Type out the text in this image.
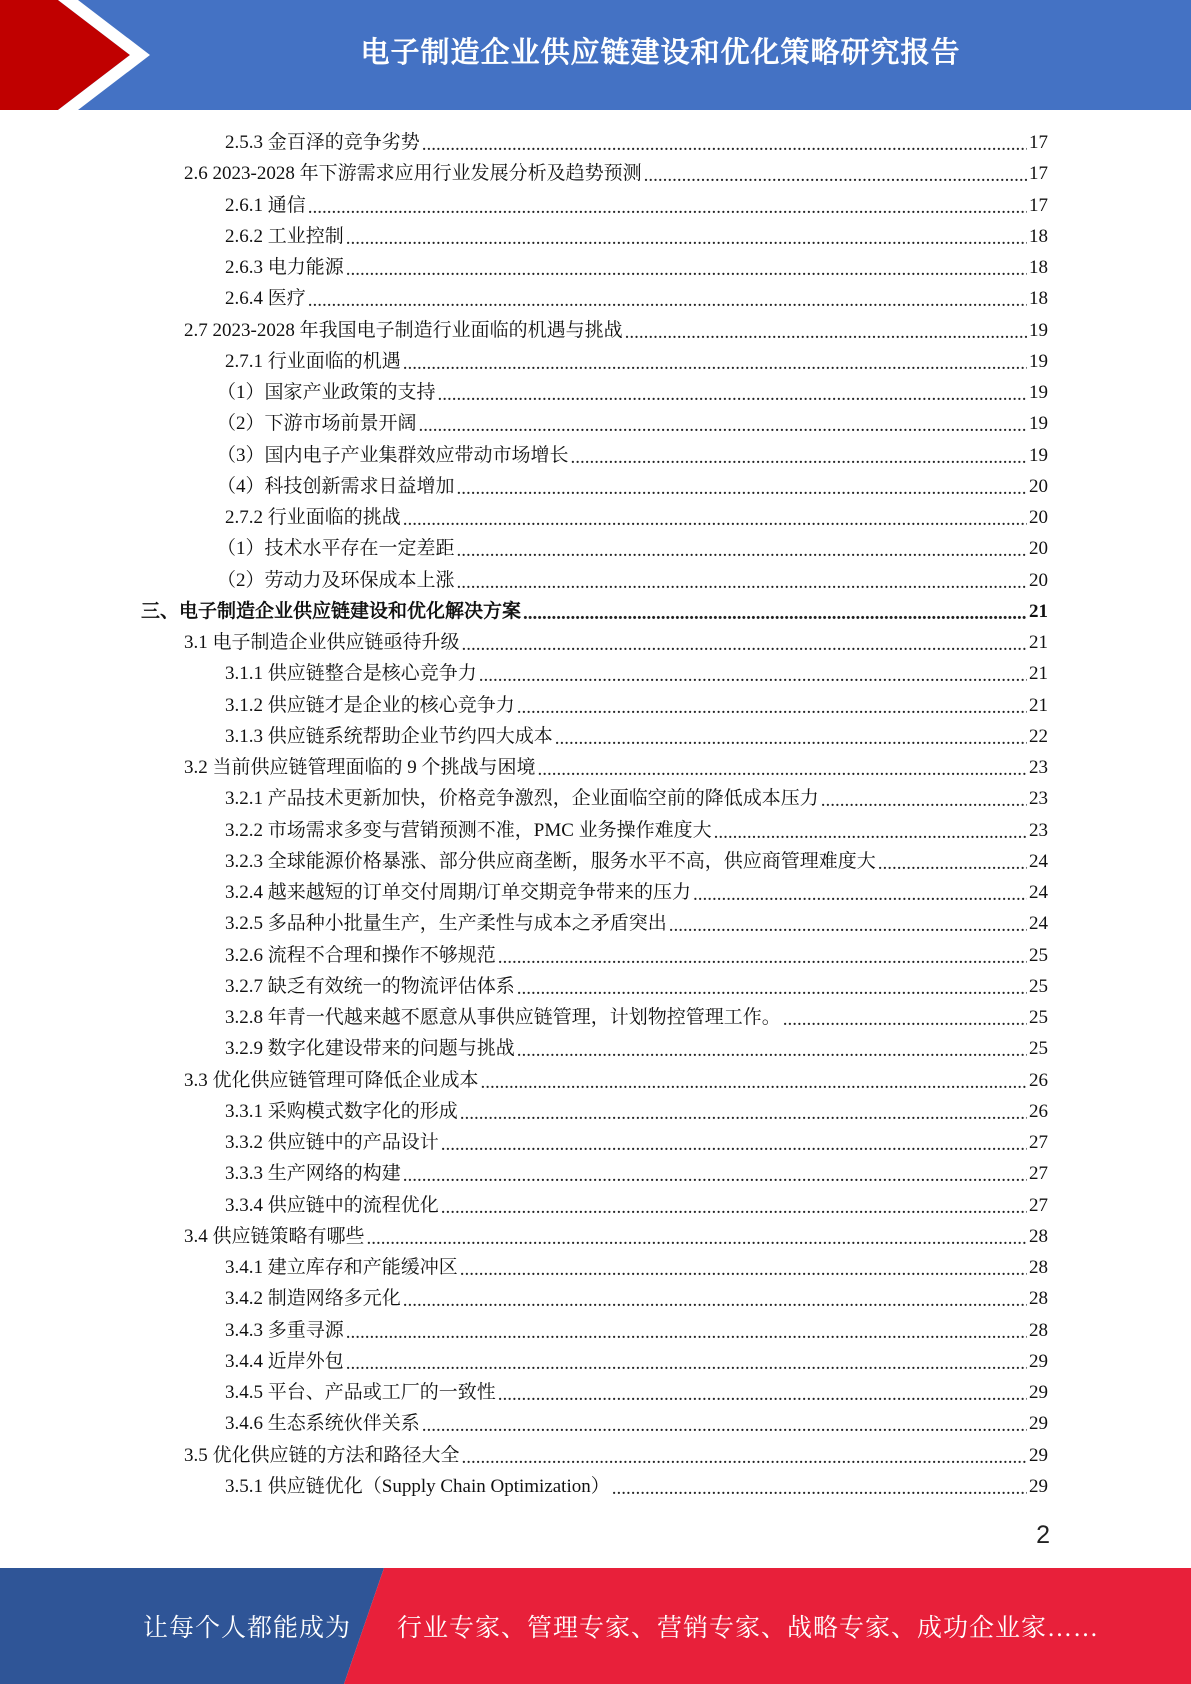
电子制造企业供应链建设和优化策略研究报告
2.5.3 金百泽的竞争劣势 .....	17
2.6 2023-2028 年下游需求应用行业发展分析及趋势预测 .....	17
2.6.1 通信 .....	17
2.6.2 工业控制 .....	18
2.6.3 电力能源 .....	18
2.6.4 医疗 .....	18
2.7 2023-2028 年我国电子制造行业面临的机遇与挑战 .....	19
2.7.1 行业面临的机遇 .....	19
（1）国家产业政策的支持 .....	19
（2）下游市场前景开阔 .....	19
（3）国内电子产业集群效应带动市场增长 .....	19
（4）科技创新需求日益增加 .....	20
2.7.2 行业面临的挑战 .....	20
（1）技术水平存在一定差距 .....	20
（2）劳动力及环保成本上涨 .....	20
三、电子制造企业供应链建设和优化解决方案 .....	21
3.1 电子制造企业供应链亟待升级 .....	21
3.1.1 供应链整合是核心竞争力 .....	21
3.1.2 供应链才是企业的核心竞争力 .....	21
3.1.3 供应链系统帮助企业节约四大成本 .....	22
3.2 当前供应链管理面临的 9 个挑战与困境 .....	23
3.2.1 产品技术更新加快，价格竞争激烈，企业面临空前的降低成本压力 .....	23
3.2.2 市场需求多变与营销预测不准，PMC 业务操作难度大 .....	23
3.2.3 全球能源价格暴涨、部分供应商垄断，服务水平不高，供应商管理难度大 .....	24
3.2.4 越来越短的订单交付周期/订单交期竞争带来的压力 .....	24
3.2.5 多品种小批量生产，生产柔性与成本之矛盾突出 .....	24
3.2.6 流程不合理和操作不够规范 .....	25
3.2.7 缺乏有效统一的物流评估体系 .....	25
3.2.8 年青一代越来越不愿意从事供应链管理，计划物控管理工作。 .....	25
3.2.9 数字化建设带来的问题与挑战 .....	25
3.3 优化供应链管理可降低企业成本 .....	26
3.3.1 采购模式数字化的形成 .....	26
3.3.2 供应链中的产品设计 .....	27
3.3.3 生产网络的构建 .....	27
3.3.4 供应链中的流程优化 .....	27
3.4 供应链策略有哪些 .....	28
3.4.1 建立库存和产能缓冲区 .....	28
3.4.2 制造网络多元化 .....	28
3.4.3 多重寻源 .....	28
3.4.4 近岸外包 .....	29
3.4.5 平台、产品或工厂的一致性 .....	29
3.4.6 生态系统伙伴关系 .....	29
3.5 优化供应链的方法和路径大全 .....	29
3.5.1 供应链优化（Supply Chain Optimization） .....	29
2
让每个人都能成为 行业专家、管理专家、营销专家、战略专家、成功企业家……
